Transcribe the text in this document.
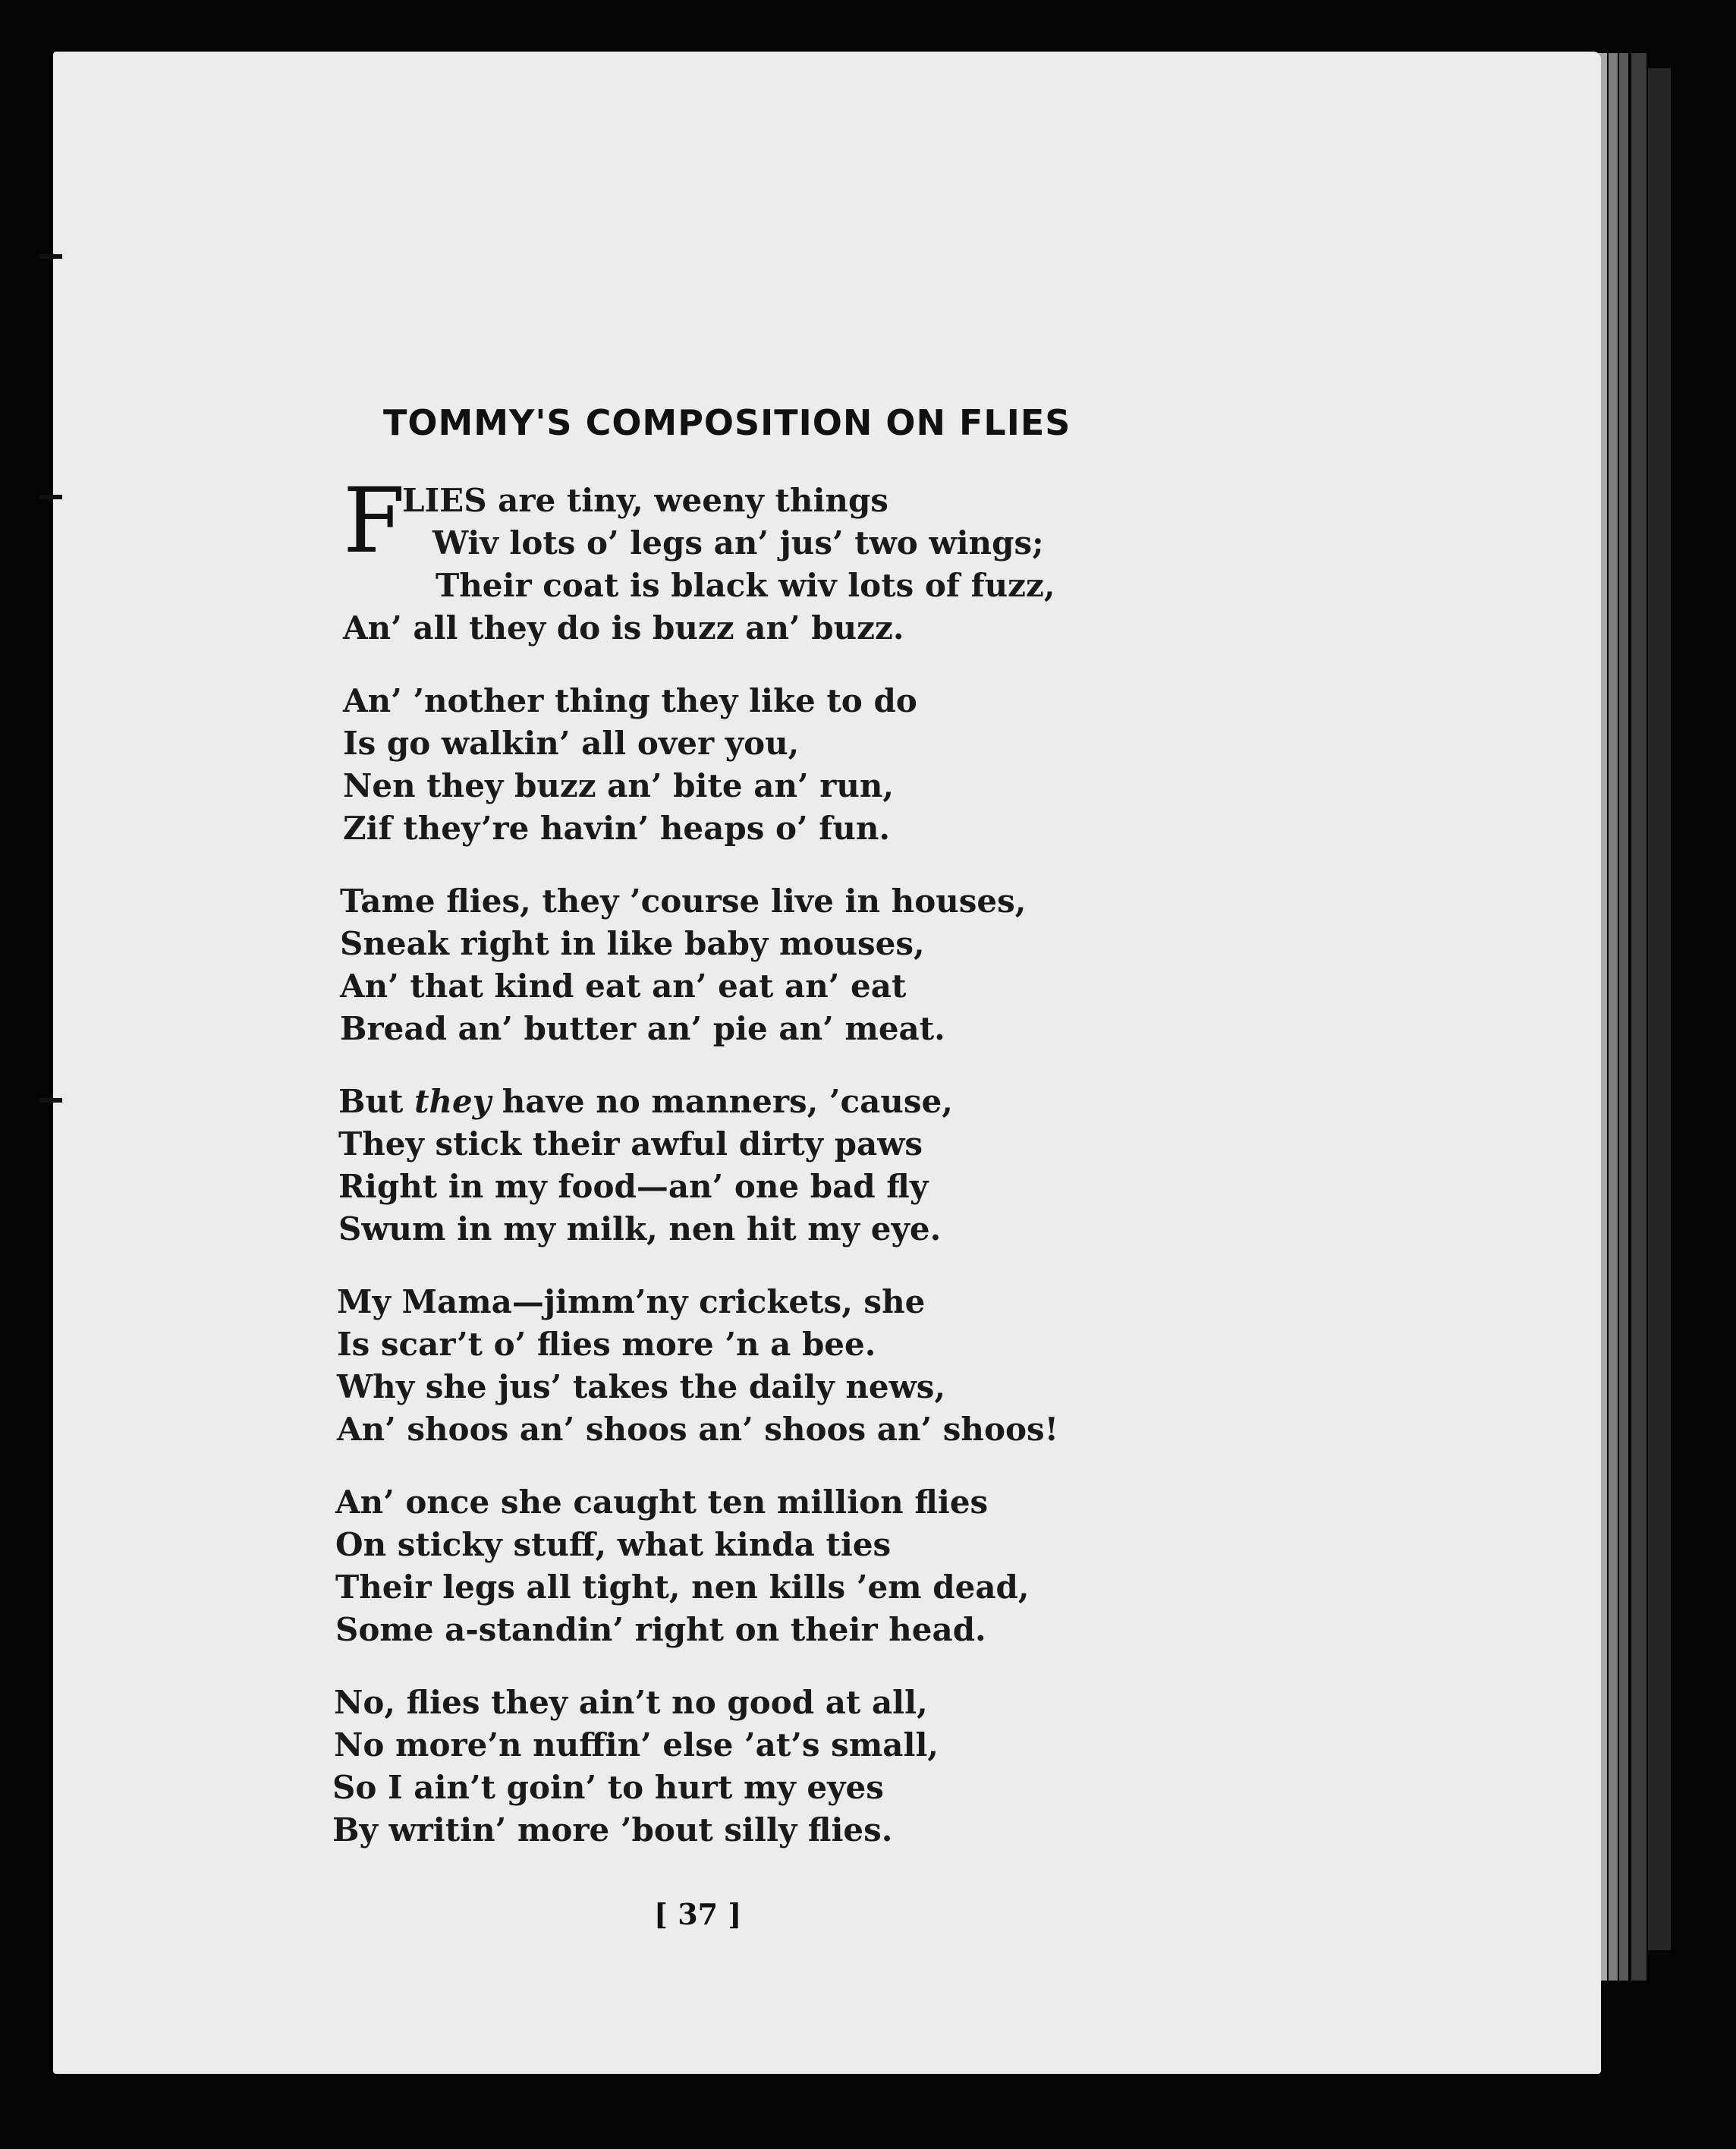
TOMMY'S COMPOSITION ON FLIES
F
LIES are tiny, weeny things
Wiv lots o’ legs an’ jus’ two wings;
Their coat is black wiv lots of fuzz,
An’ all they do is buzz an’ buzz.
An’ ’nother thing they like to do
Is go walkin’ all over you,
Nen they buzz an’ bite an’ run,
Zif they’re havin’ heaps o’ fun.
Tame flies, they ’course live in houses,
Sneak right in like baby mouses,
An’ that kind eat an’ eat an’ eat
Bread an’ butter an’ pie an’ meat.
But they have no manners, ’cause,
They stick their awful dirty paws
Right in my food—an’ one bad fly
Swum in my milk, nen hit my eye.
My Mama—jimm’ny crickets, she
Is scar’t o’ flies more ’n a bee.
Why she jus’ takes the daily news,
An’ shoos an’ shoos an’ shoos an’ shoos!
An’ once she caught ten million flies
On sticky stuff, what kinda ties
Their legs all tight, nen kills ’em dead,
Some a-standin’ right on their head.
No, flies they ain’t no good at all,
No more’n nuffin’ else ’at’s small,
So I ain’t goin’ to hurt my eyes
By writin’ more ’bout silly flies.
[ 37 ]
